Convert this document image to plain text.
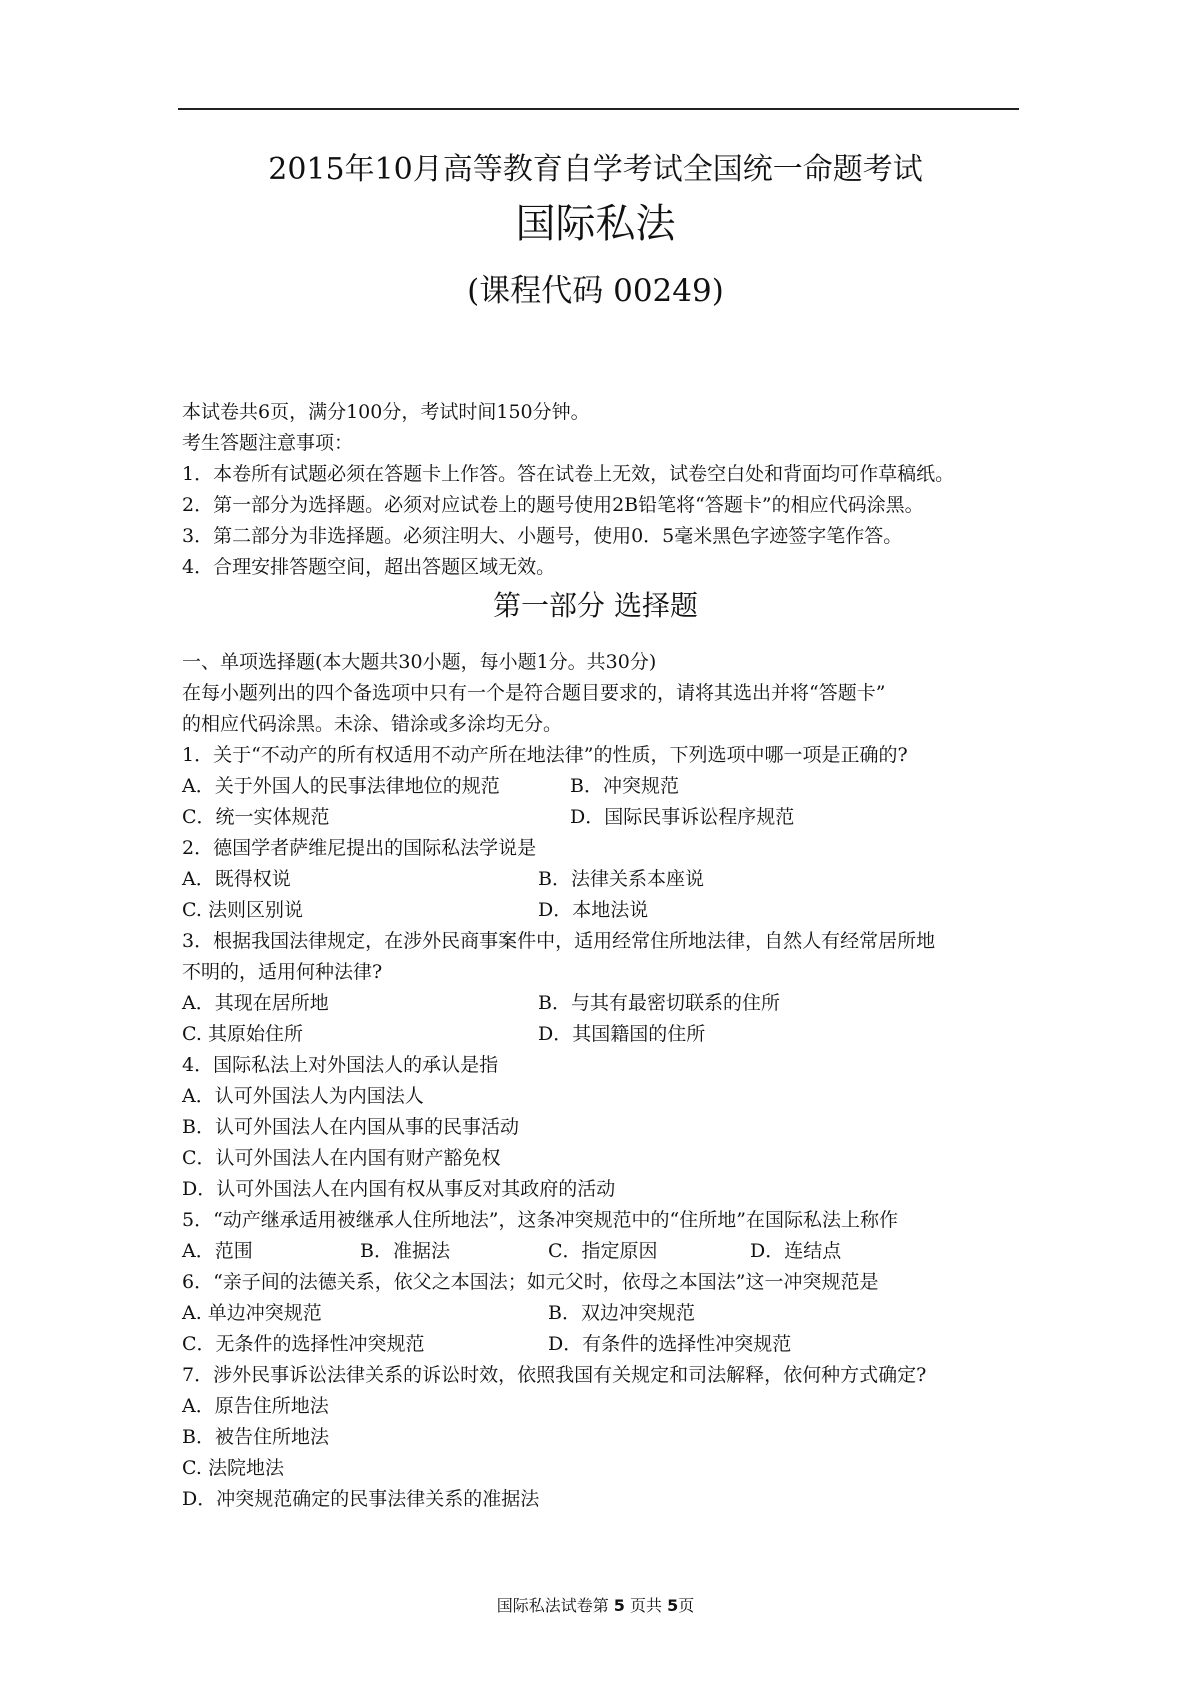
2015年10月高等教育自学考试全国统一命题考试
国际私法
(课程代码 00249)
本试卷共6页，满分100分，考试时间150分钟。
考生答题注意事项：
1．本卷所有试题必须在答题卡上作答。答在试卷上无效，试卷空白处和背面均可作草稿纸。
2．第一部分为选择题。必须对应试卷上的题号使用2B铅笔将“答题卡”的相应代码涂黑。
3．第二部分为非选择题。必须注明大、小题号，使用0．5毫米黑色字迹签字笔作答。
4．合理安排答题空间，超出答题区域无效。
第一部分 选择题
一、单项选择题(本大题共30小题，每小题1分。共30分)
在每小题列出的四个备选项中只有一个是符合题目要求的，请将其选出并将“答题卡”
的相应代码涂黑。未涂、错涂或多涂均无分。
1．关于“不动产的所有权适用不动产所在地法律”的性质，下列选项中哪一项是正确的?
A．关于外国人的民事法律地位的规范	B．冲突规范
C．统一实体规范	D．国际民事诉讼程序规范
2．德国学者萨维尼提出的国际私法学说是
A．既得权说	B．法律关系本座说
C. 法则区别说	D．本地法说
3．根据我国法律规定，在涉外民商事案件中，适用经常住所地法律，自然人有经常居所地
不明的，适用何种法律?
A．其现在居所地	B．与其有最密切联系的住所
C. 其原始住所	D．其国籍国的住所
4．国际私法上对外国法人的承认是指
A．认可外国法人为内国法人
B．认可外国法人在内国从事的民事活动
C．认可外国法人在内国有财产豁免权
D．认可外国法人在内国有权从事反对其政府的活动
5．“动产继承适用被继承人住所地法”，这条冲突规范中的“住所地”在国际私法上称作
A．范围	B．准据法	C．指定原因	D．连结点
6．“亲子间的法德关系，依父之本国法；如元父时，依母之本国法”这一冲突规范是
A. 单边冲突规范	B．双边冲突规范
C．无条件的选择性冲突规范	D．有条件的选择性冲突规范
7．涉外民事诉讼法律关系的诉讼时效，依照我国有关规定和司法解释，依何种方式确定?
A．原告住所地法
B．被告住所地法
C. 法院地法
D．冲突规范确定的民事法律关系的准据法
国际私法试卷第 5 页共 5页
